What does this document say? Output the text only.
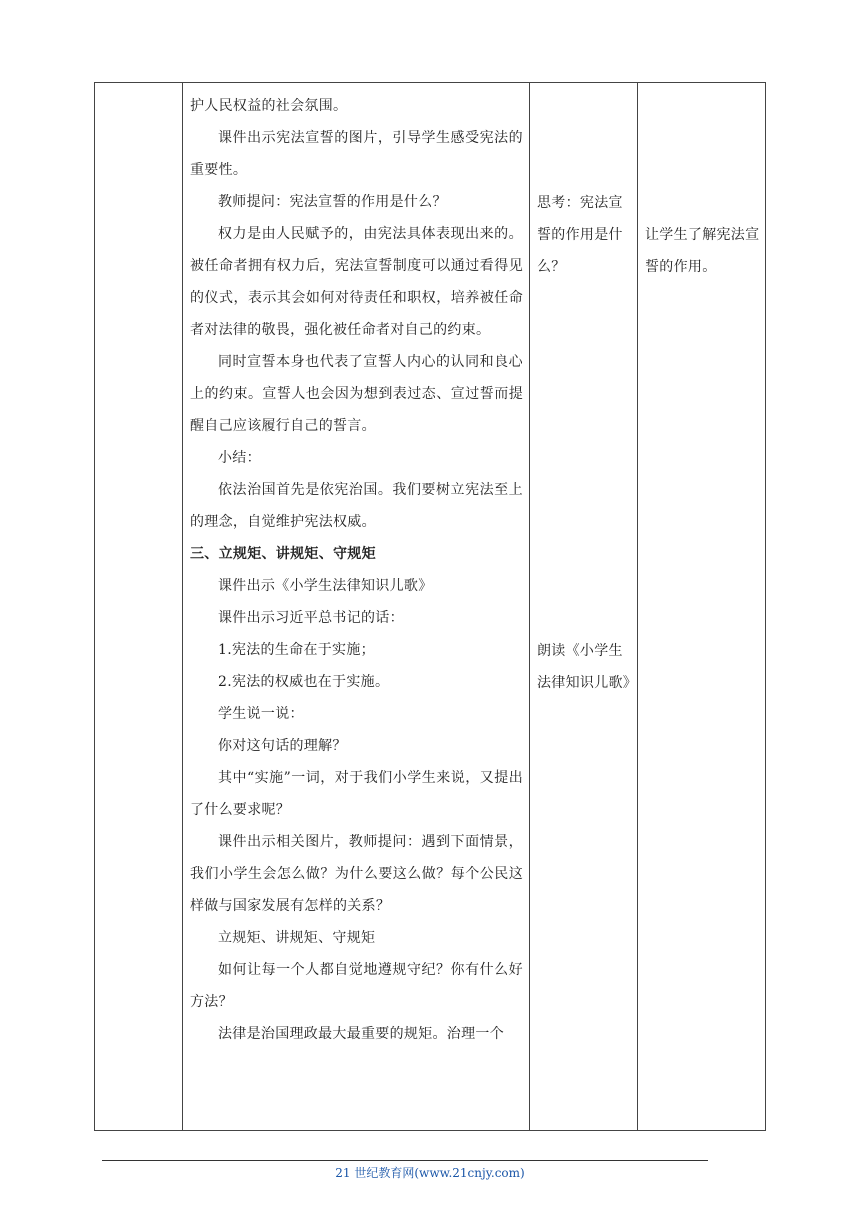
护人民权益的社会氛围。

课件出示宪法宣誓的图片，引导学生感受宪法的重要性。

教师提问：宪法宣誓的作用是什么？

权力是由人民赋予的，由宪法具体表现出来的。被任命者拥有权力后，宪法宣誓制度可以通过看得见的仪式，表示其会如何对待责任和职权，培养被任命者对法律的敬畏，强化被任命者对自己的约束。

同时宣誓本身也代表了宣誓人内心的认同和良心上的约束。宣誓人也会因为想到表过态、宣过誓而提醒自己应该履行自己的誓言。

小结：

依法治国首先是依宪治国。我们要树立宪法至上的理念，自觉维护宪法权威。

三、立规矩、讲规矩、守规矩

课件出示《小学生法律知识儿歌》

课件出示习近平总书记的话：

1.宪法的生命在于实施；

2.宪法的权威也在于实施。

学生说一说：

你对这句话的理解？

其中“实施”一词，对于我们小学生来说，又提出了什么要求呢？

课件出示相关图片，教师提问：遇到下面情景，我们小学生会怎么做？为什么要这么做？每个公民这样做与国家发展有怎样的关系？

立规矩、讲规矩、守规矩

如何让每一个人都自觉地遵规守纪？你有什么好方法？

法律是治国理政最大最重要的规矩。治理一个

思考：宪法宣誓的作用是什么？

朗读《小学生法律知识儿歌》

让学生了解宪法宣誓的作用。

21 世纪教育网(www.21cnjy.com)
